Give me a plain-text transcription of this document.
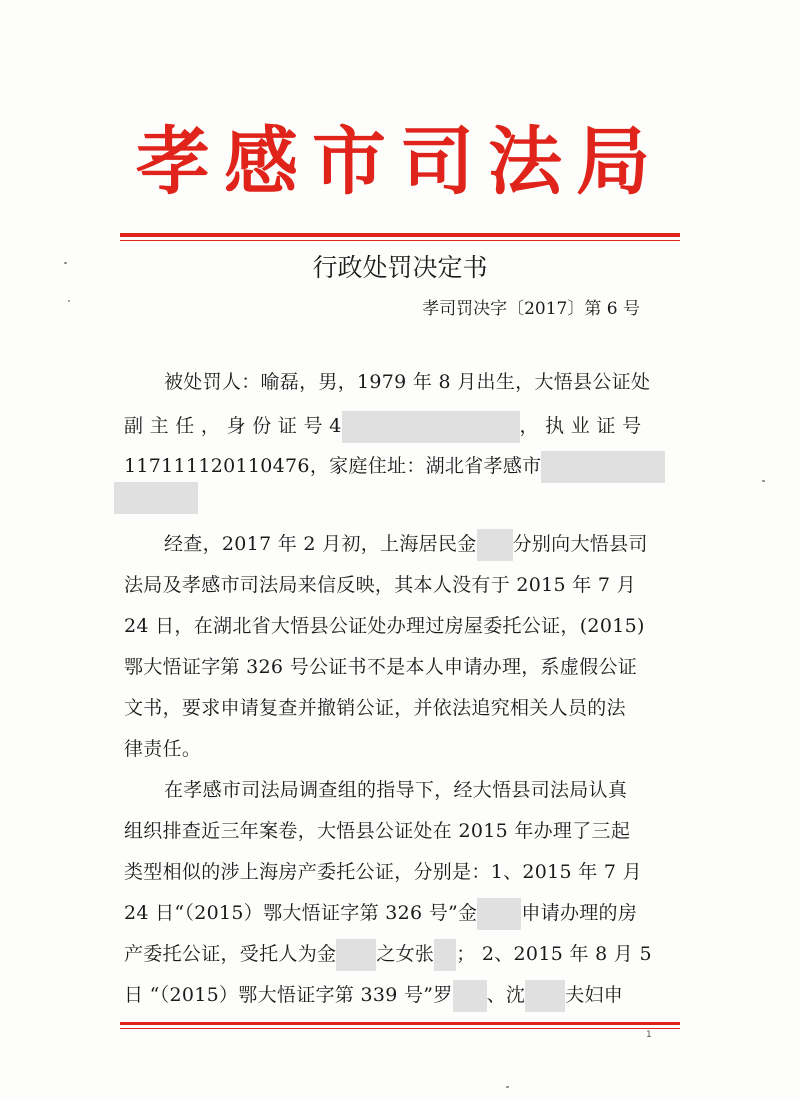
孝感市司法局
行政处罚决定书
孝司罚决字〔2017〕第 6 号
被处罚人：喻磊，男，1979 年 8 月出生，大悟县公证处
副 主 任 ， 身 份 证 号 4	， 执 业 证 号
117111120110476，家庭住址：湖北省孝感市
经查，2017 年 2 月初，上海居民金 分别向大悟县司
法局及孝感市司法局来信反映，其本人没有于 2015 年 7 月
24 日，在湖北省大悟县公证处办理过房屋委托公证，(2015)
鄂大悟证字第 326 号公证书不是本人申请办理，系虚假公证
文书，要求申请复查并撤销公证，并依法追究相关人员的法
律责任。
在孝感市司法局调查组的指导下，经大悟县司法局认真
组织排查近三年案卷，大悟县公证处在 2015 年办理了三起
类型相似的涉上海房产委托公证，分别是：1、2015 年 7 月
24 日“（2015）鄂大悟证字第 326 号”金 申请办理的房
产委托公证，受托人为金 之女张 ； 2、2015 年 8 月 5
日 “（2015）鄂大悟证字第 339 号”罗 、沈 夫妇申
1
